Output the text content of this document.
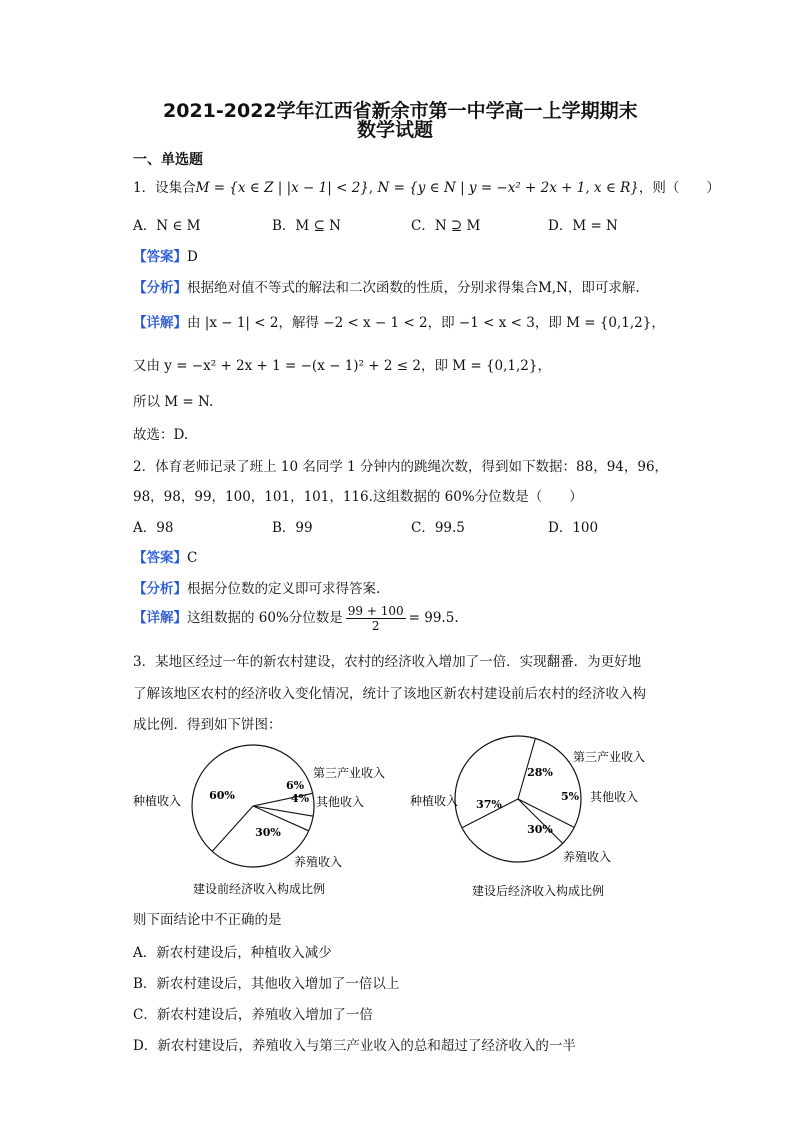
2021-2022学年江西省新余市第一中学高一上学期期末
数学试题
一、单选题
1．设集合M = {x ∈ Z | |x − 1| < 2}, N = {y ∈ N | y = −x² + 2x + 1, x ∈ R}，则（　　）
A．N ∈ M	B．M ⊆ N	C．N ⊇ M	D．M = N
【答案】D
【分析】根据绝对值不等式的解法和二次函数的性质，分别求得集合M,N，即可求解.
【详解】由 |x − 1| < 2，解得 −2 < x − 1 < 2，即 −1 < x < 3，即 M = {0,1,2}，
又由 y = −x² + 2x + 1 = −(x − 1)² + 2 ≤ 2，即 M = {0,1,2}，
所以 M = N.
故选：D.
2．体育老师记录了班上 10 名同学 1 分钟内的跳绳次数，得到如下数据：88，94，96，
98，98，99，100，101，101，116.这组数据的 60%分位数是（　　）
A．98	B．99	C．99.5	D．100
【答案】C
【分析】根据分位数的定义即可求得答案.
【详解】这组数据的 60%分位数是 $\frac{99 + 100}{2} = 99.5$.
3．某地区经过一年的新农村建设，农村的经济收入增加了一倍．实现翻番．为更好地
了解该地区农村的经济收入变化情况，统计了该地区新农村建设前后农村的经济收入构
成比例．得到如下饼图：
60%
种植收入
6%
第三产业收入
4% 其他收入
30%
养殖收入
建设前经济收入构成比例
37%
种植收入
28%
第三产业收入
5% 其他收入
30%
养殖收入
建设后经济收入构成比例
则下面结论中不正确的是
A．新农村建设后，种植收入减少
B．新农村建设后，其他收入增加了一倍以上
C．新农村建设后，养殖收入增加了一倍
D．新农村建设后，养殖收入与第三产业收入的总和超过了经济收入的一半
